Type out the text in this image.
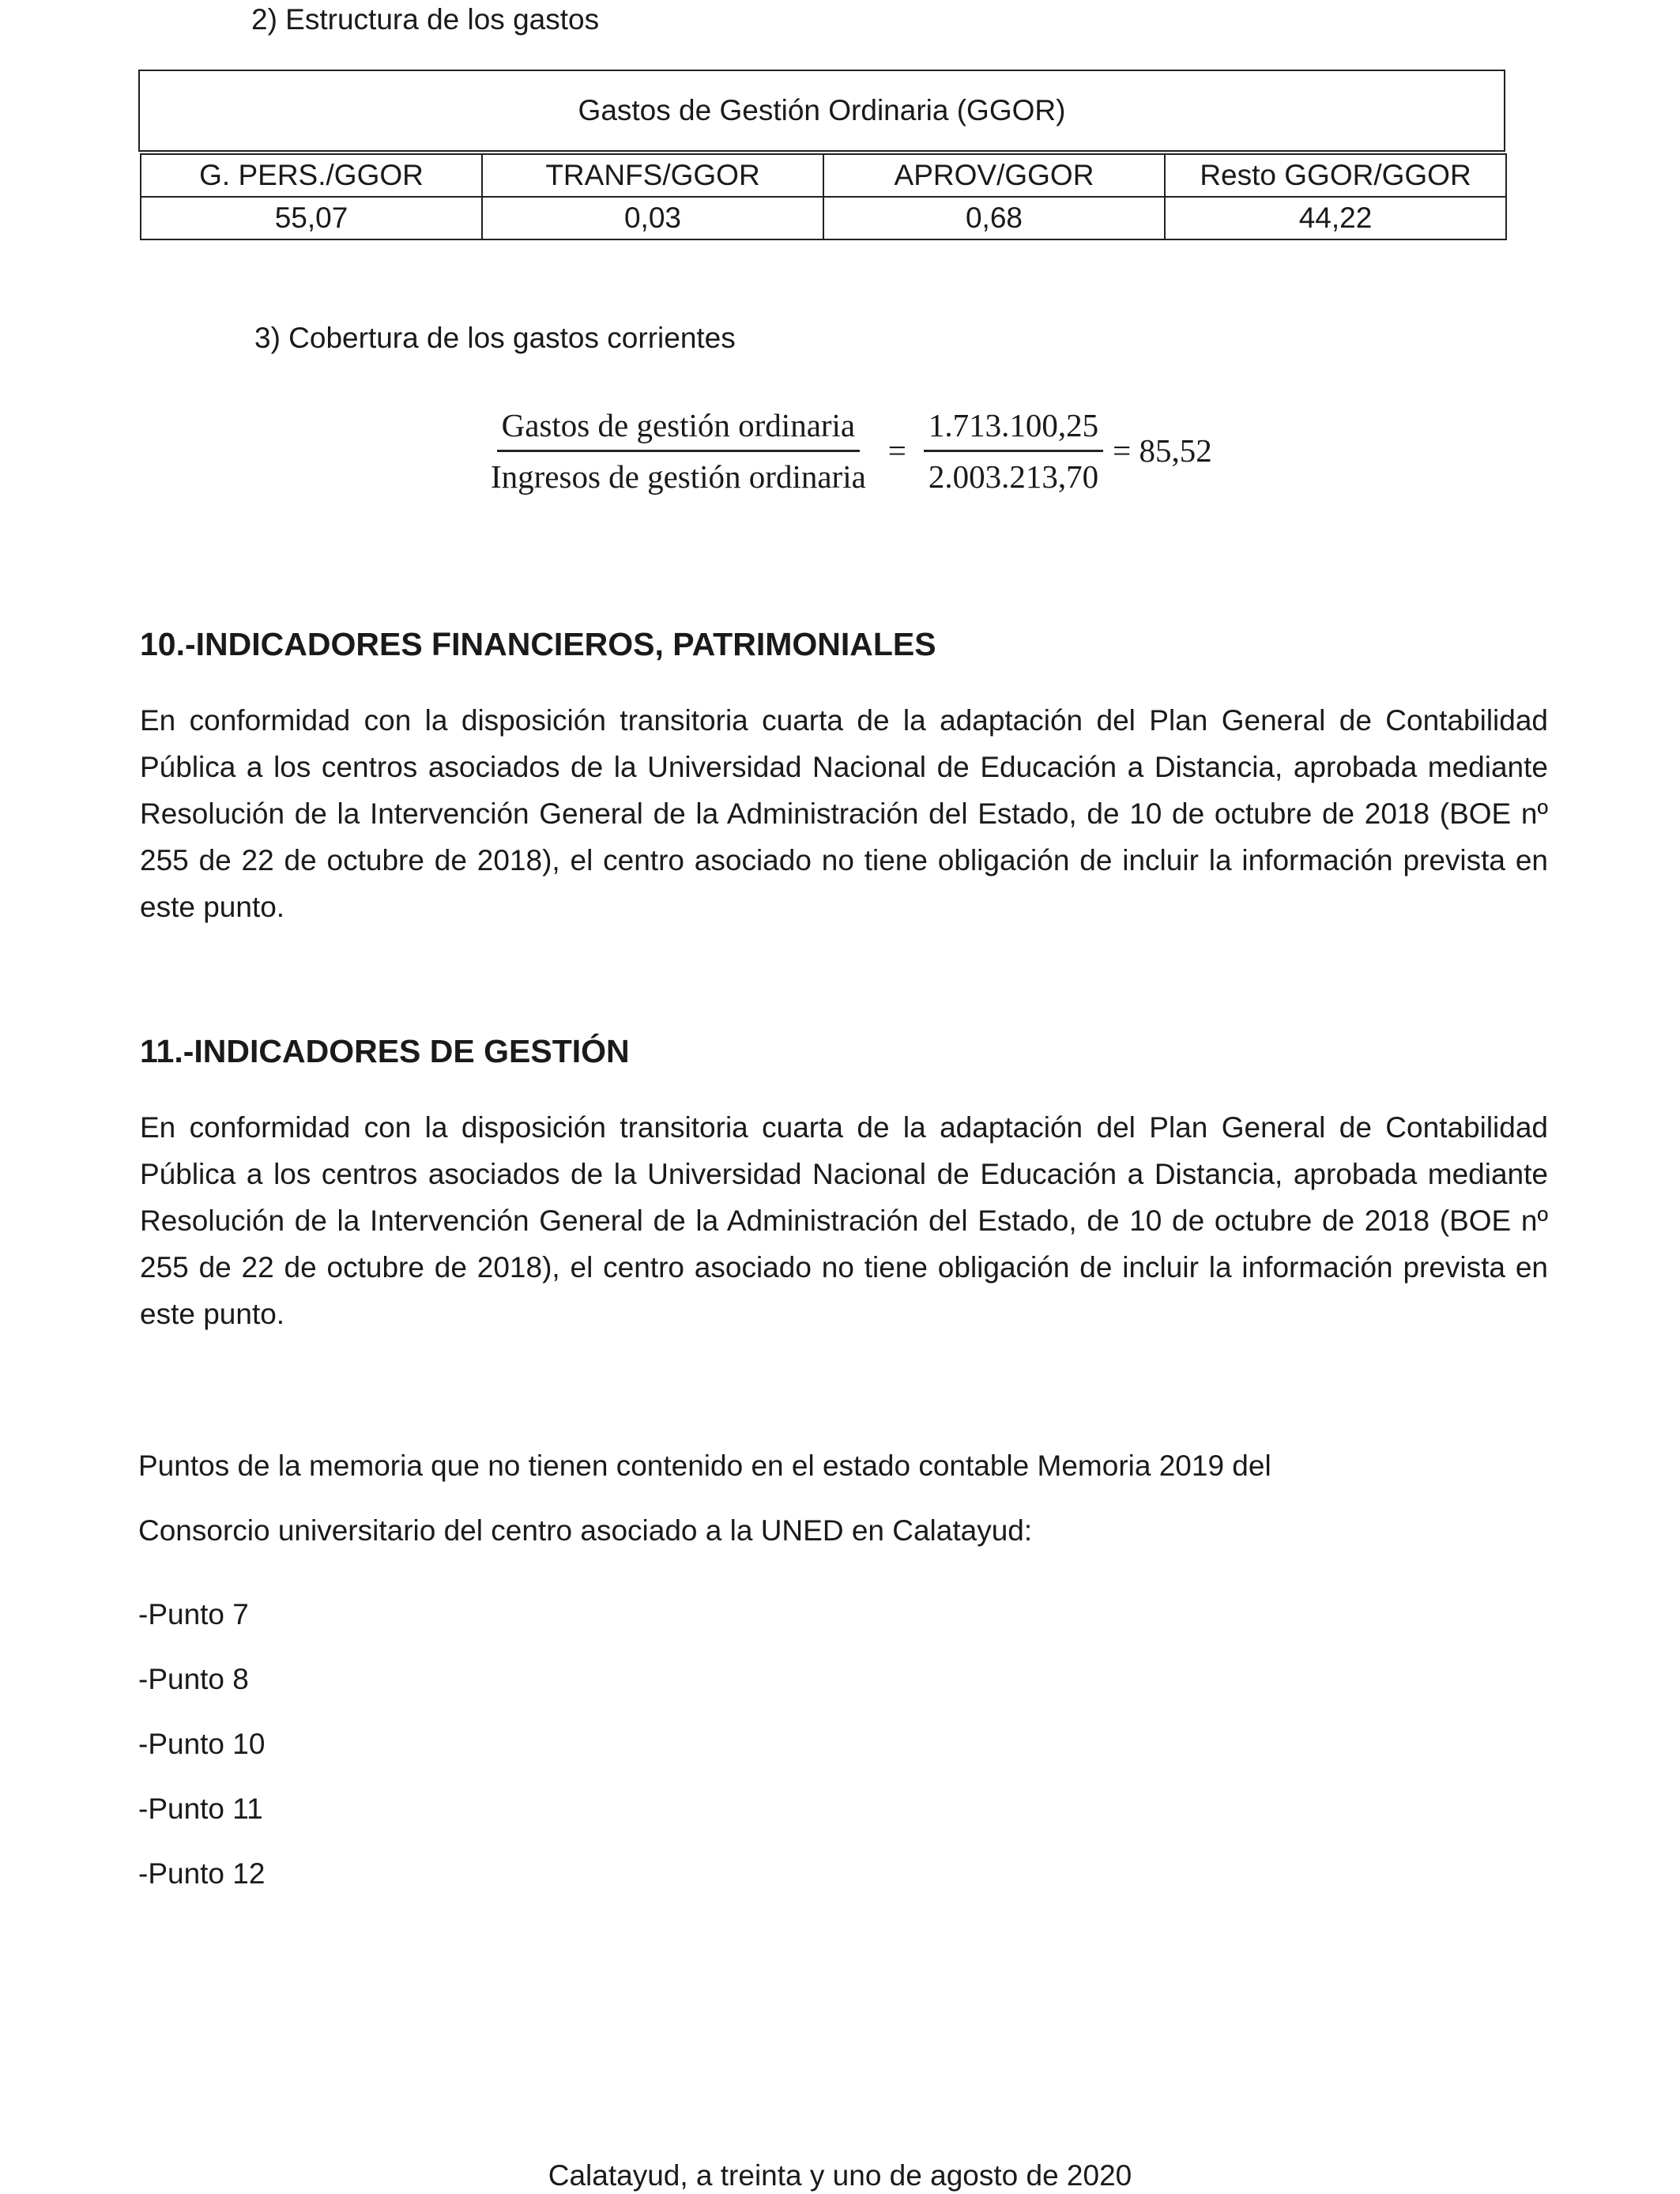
2) Estructura de los gastos
Gastos de Gestión Ordinaria (GGOR)
G. PERS./GGOR	TRANFS/GGOR	APROV/GGOR	Resto GGOR/GGOR
55,07	0,03	0,68	44,22
3) Cobertura de los gastos corrientes
$\frac{\text{Gastos de gestión ordinaria}}{\text{Ingresos de gestión ordinaria}} = \frac{1.713.100,25}{2.003.213,70} = 85,52$
10.-INDICADORES FINANCIEROS, PATRIMONIALES

En conformidad con la disposición transitoria cuarta de la adaptación del Plan General de Contabilidad Pública a los centros asociados de la Universidad Nacional de Educación a Distancia, aprobada mediante Resolución de la Intervención General de la Administración del Estado, de 10 de octubre de 2018 (BOE nº 255 de 22 de octubre de 2018), el centro asociado no tiene obligación de incluir la información prevista en este punto.

11.-INDICADORES DE GESTIÓN

En conformidad con la disposición transitoria cuarta de la adaptación del Plan General de Contabilidad Pública a los centros asociados de la Universidad Nacional de Educación a Distancia, aprobada mediante Resolución de la Intervención General de la Administración del Estado, de 10 de octubre de 2018 (BOE nº 255 de 22 de octubre de 2018), el centro asociado no tiene obligación de incluir la información prevista en este punto.

Puntos de la memoria que no tienen contenido en el estado contable Memoria 2019 del

Consorcio universitario del centro asociado a la UNED en Calatayud:

-Punto 7
-Punto 8
-Punto 10
-Punto 11
-Punto 12
Calatayud, a treinta y uno de agosto de 2020
